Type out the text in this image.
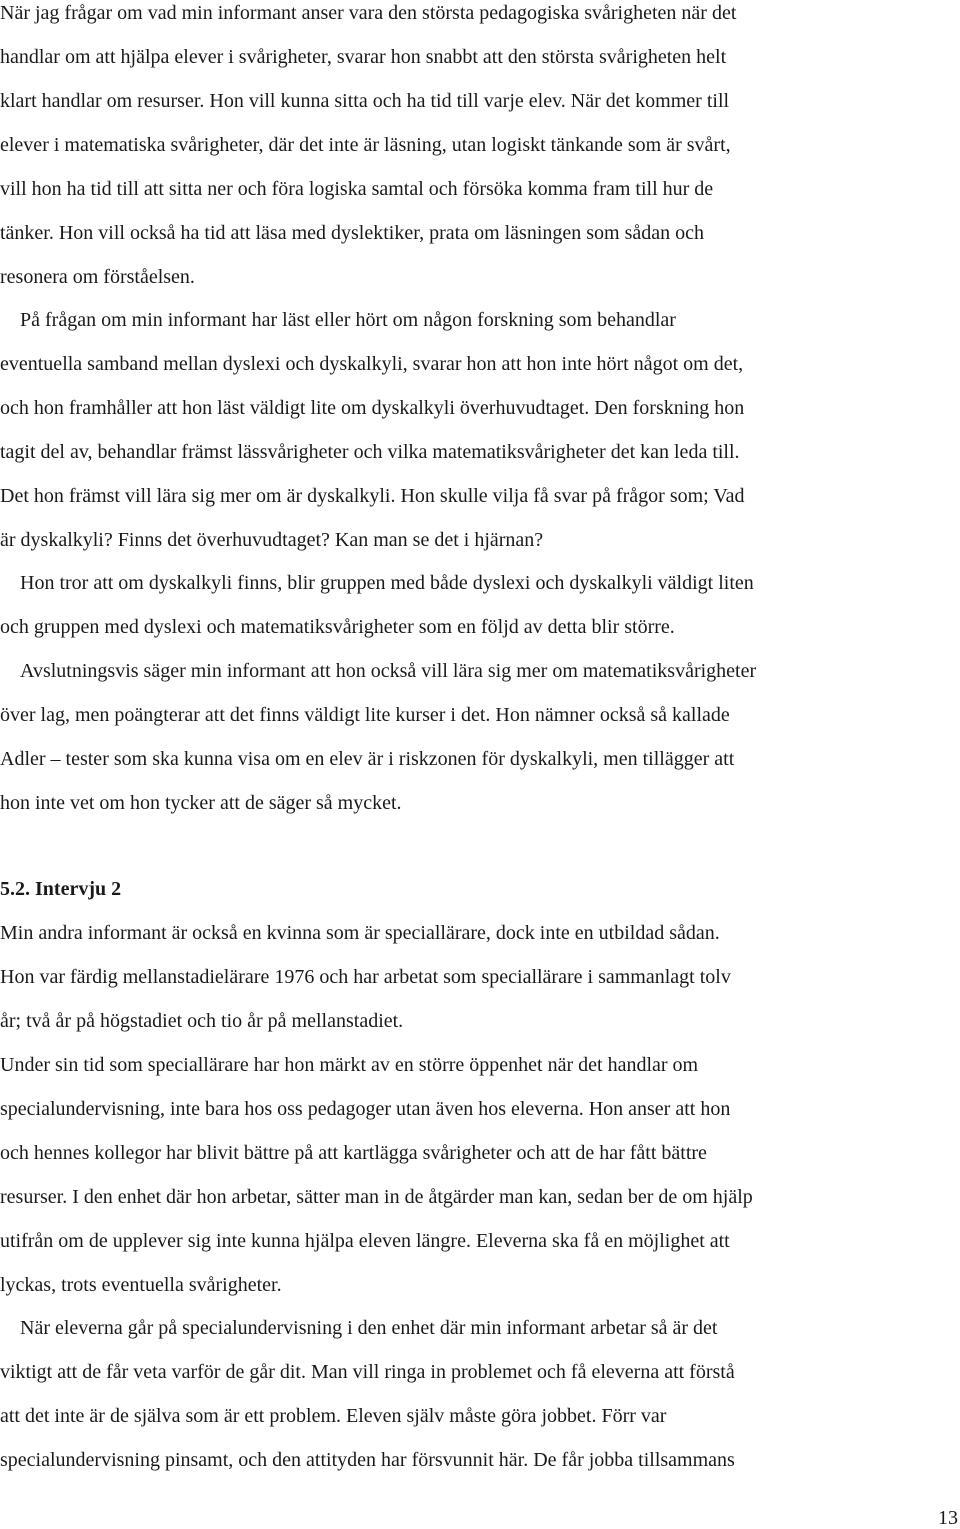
När jag frågar om vad min informant anser vara den största pedagogiska svårigheten när det
handlar om att hjälpa elever i svårigheter, svarar hon snabbt att den största svårigheten helt
klart handlar om resurser. Hon vill kunna sitta och ha tid till varje elev. När det kommer till
elever i matematiska svårigheter, där det inte är läsning, utan logiskt tänkande som är svårt,
vill hon ha tid till att sitta ner och föra logiska samtal och försöka komma fram till hur de
tänker. Hon vill också ha tid att läsa med dyslektiker, prata om läsningen som sådan och
resonera om förståelsen.
På frågan om min informant har läst eller hört om någon forskning som behandlar
eventuella samband mellan dyslexi och dyskalkyli, svarar hon att hon inte hört något om det,
och hon framhåller att hon läst väldigt lite om dyskalkyli överhuvudtaget. Den forskning hon
tagit del av, behandlar främst lässvårigheter och vilka matematiksvårigheter det kan leda till.
Det hon främst vill lära sig mer om är dyskalkyli. Hon skulle vilja få svar på frågor som; Vad
är dyskalkyli? Finns det överhuvudtaget? Kan man se det i hjärnan?
Hon tror att om dyskalkyli finns, blir gruppen med både dyslexi och dyskalkyli väldigt liten
och gruppen med dyslexi och matematiksvårigheter som en följd av detta blir större.
Avslutningsvis säger min informant att hon också vill lära sig mer om matematiksvårigheter
över lag, men poängterar att det finns väldigt lite kurser i det. Hon nämner också så kallade
Adler – tester som ska kunna visa om en elev är i riskzonen för dyskalkyli, men tillägger att
hon inte vet om hon tycker att de säger så mycket.
5.2. Intervju 2
Min andra informant är också en kvinna som är speciallärare, dock inte en utbildad sådan.
Hon var färdig mellanstadielärare 1976 och har arbetat som speciallärare i sammanlagt tolv
år; två år på högstadiet och tio år på mellanstadiet.
Under sin tid som speciallärare har hon märkt av en större öppenhet när det handlar om
specialundervisning, inte bara hos oss pedagoger utan även hos eleverna. Hon anser att hon
och hennes kollegor har blivit bättre på att kartlägga svårigheter och att de har fått bättre
resurser. I den enhet där hon arbetar, sätter man in de åtgärder man kan, sedan ber de om hjälp
utifrån om de upplever sig inte kunna hjälpa eleven längre. Eleverna ska få en möjlighet att
lyckas, trots eventuella svårigheter.
När eleverna går på specialundervisning i den enhet där min informant arbetar så är det
viktigt att de får veta varför de går dit. Man vill ringa in problemet och få eleverna att förstå
att det inte är de själva som är ett problem. Eleven själv måste göra jobbet. Förr var
specialundervisning pinsamt, och den attityden har försvunnit här. De får jobba tillsammans
13
